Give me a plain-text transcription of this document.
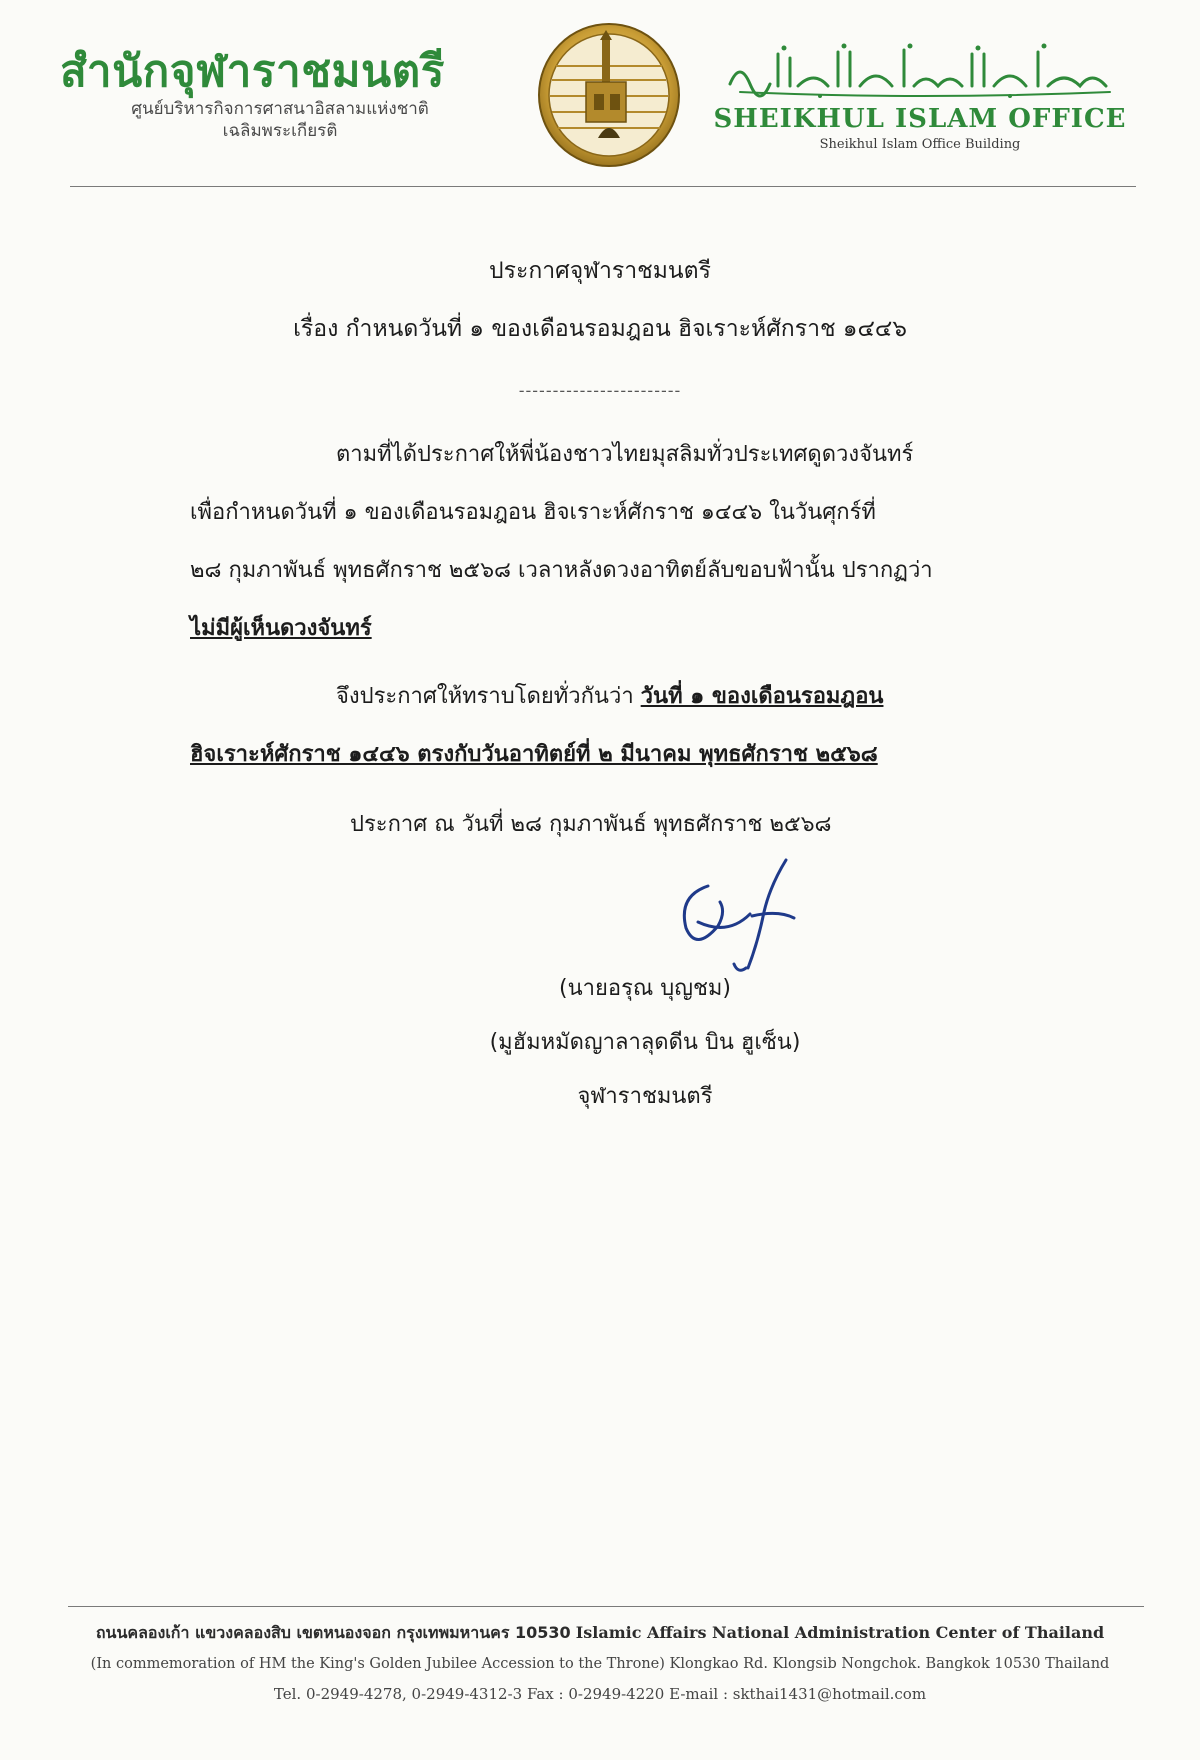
สำนักจุฬาราชมนตรี
ศูนย์บริหารกิจการศาสนาอิสลามแห่งชาติ
เฉลิมพระเกียรติ	SHEIKHUL ISLAM OFFICE
Sheikhul Islam Office Building
ประกาศจุฬาราชมนตรี
เรื่อง กำหนดวันที่ ๑ ของเดือนรอมฎอน ฮิจเราะห์ศักราช ๑๔๔๖
------------------------
ตามที่ได้ประกาศให้พี่น้องชาวไทยมุสลิมทั่วประเทศดูดวงจันทร์
เพื่อกำหนดวันที่ ๑ ของเดือนรอมฎอน ฮิจเราะห์ศักราช ๑๔๔๖ ในวันศุกร์ที่
๒๘ กุมภาพันธ์ พุทธศักราช ๒๕๖๘ เวลาหลังดวงอาทิตย์ลับขอบฟ้านั้น ปรากฏว่า
ไม่มีผู้เห็นดวงจันทร์
จึงประกาศให้ทราบโดยทั่วกันว่า วันที่ ๑ ของเดือนรอมฎอน
ฮิจเราะห์ศักราช ๑๔๔๖ ตรงกับวันอาทิตย์ที่ ๒ มีนาคม พุทธศักราช ๒๕๖๘
ประกาศ ณ วันที่ ๒๘ กุมภาพันธ์ พุทธศักราช ๒๕๖๘
(นายอรุณ บุญชม)
(มูฮัมหมัดญาลาลุดดีน บิน ฮูเซ็น)
จุฬาราชมนตรี
ถนนคลองเก้า แขวงคลองสิบ เขตหนองจอก กรุงเทพมหานคร 10530 Islamic Affairs National Administration Center of Thailand
(In commemoration of HM the King's Golden Jubilee Accession to the Throne) Klongkao Rd. Klongsib Nongchok. Bangkok 10530 Thailand
Tel. 0-2949-4278, 0-2949-4312-3 Fax : 0-2949-4220 E-mail : skthai1431@hotmail.com
